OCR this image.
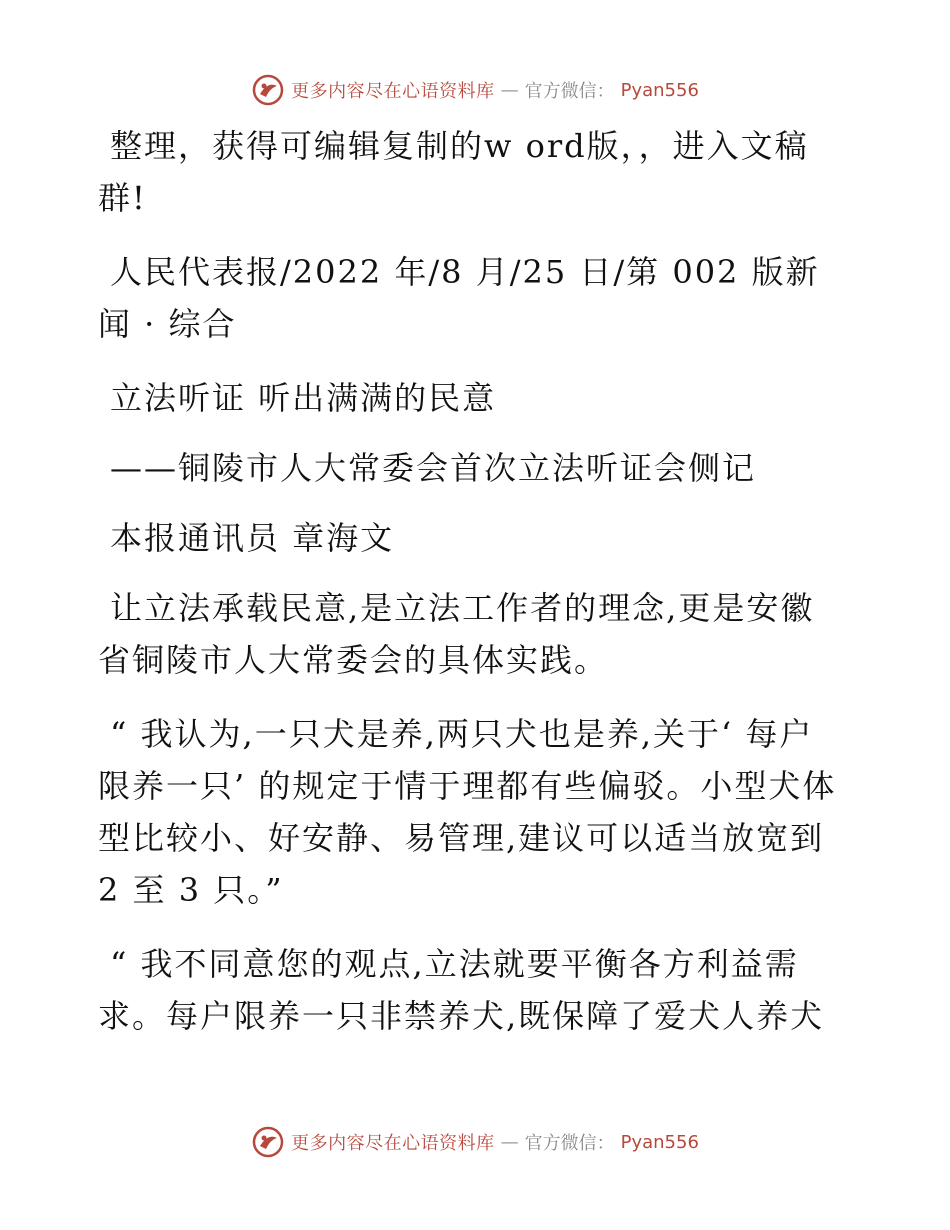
更多内容尽在心语资料库 — 官方微信： Pyan556

整理，获得可编辑复制的w ord版，，进入文稿群!

人民代表报/2022 年/8 月/25 日/第 002 版新闻 · 综合

立法听证 听出满满的民意

——铜陵市人大常委会首次立法听证会侧记

本报通讯员 章海文

让立法承载民意,是立法工作者的理念,更是安徽省铜陵市人大常委会的具体实践。

“ 我认为,一只犬是养,两只犬也是养,关于‘ 每户限养一只’ 的规定于情于理都有些偏驳。小型犬体型比较小、好安静、易管理,建议可以适当放宽到 2 至 3 只。”

“ 我不同意您的观点,立法就要平衡各方利益需求。每户限养一只非禁养犬,既保障了爱犬人养犬

更多内容尽在心语资料库 — 官方微信： Pyan556
